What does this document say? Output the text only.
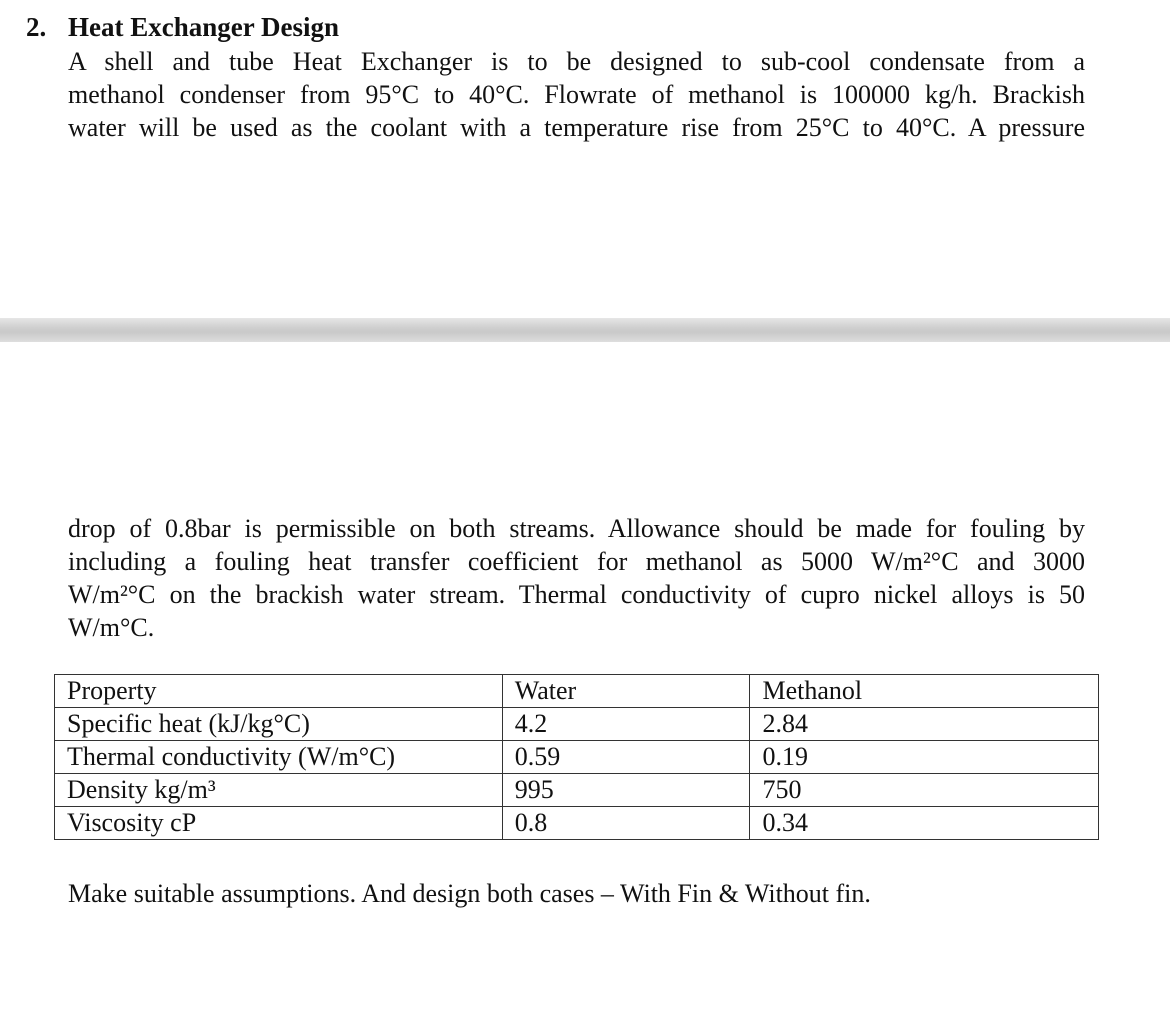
2. Heat Exchanger Design
A shell and tube Heat Exchanger is to be designed to sub-cool condensate from a
methanol condenser from 95°C to 40°C. Flowrate of methanol is 100000 kg/h. Brackish
water will be used as the coolant with a temperature rise from 25°C to 40°C. A pressure
drop of 0.8bar is permissible on both streams. Allowance should be made for fouling by
including a fouling heat transfer coefficient for methanol as 5000 W/m²°C and 3000
W/m²°C on the brackish water stream. Thermal conductivity of cupro nickel alloys is 50
W/m°C.
Property	Water	Methanol
Specific heat (kJ/kg°C)	4.2	2.84
Thermal conductivity (W/m°C)	0.59	0.19
Density kg/m³	995	750
Viscosity cP	0.8	0.34
Make suitable assumptions. And design both cases – With Fin & Without fin.
